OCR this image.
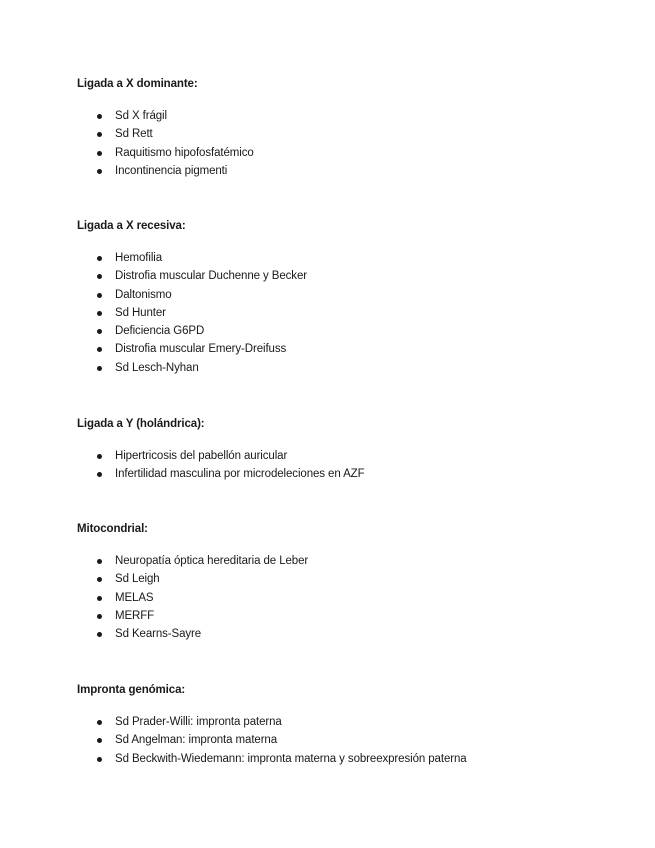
Ligada a X dominante:

Sd X frágil
Sd Rett
Raquitismo hipofosfatémico
Incontinencia pigmenti

Ligada a X recesiva:

Hemofilia
Distrofia muscular Duchenne y Becker
Daltonismo
Sd Hunter
Deficiencia G6PD
Distrofia muscular Emery-Dreifuss
Sd Lesch-Nyhan

Ligada a Y (holándrica):

Hipertricosis del pabellón auricular
Infertilidad masculina por microdeleciones en AZF

Mitocondrial:

Neuropatía óptica hereditaria de Leber
Sd Leigh
MELAS
MERFF
Sd Kearns-Sayre

Impronta genómica:

Sd Prader-Willi: impronta paterna
Sd Angelman: impronta materna
Sd Beckwith-Wiedemann: impronta materna y sobreexpresión paterna
